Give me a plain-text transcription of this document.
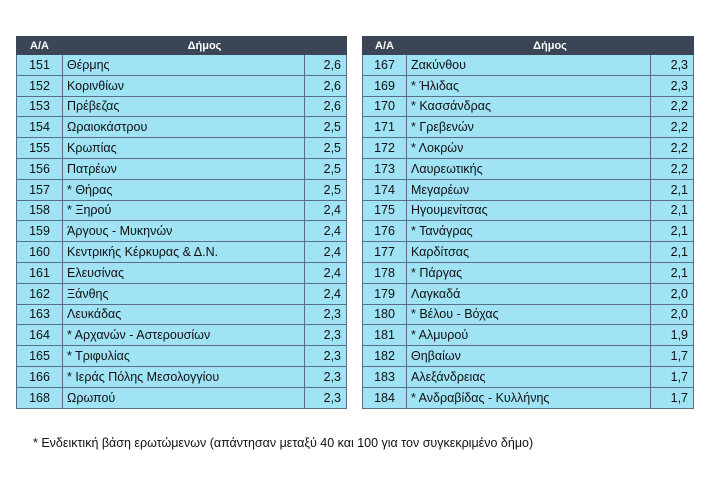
Α/Α	Δήμος	
151	Θέρμης	2,6
152	Κορινθίων	2,6
153	Πρέβεζας	2,6
154	Ωραιοκάστρου	2,5
155	Κρωπίας	2,5
156	Πατρέων	2,5
157	* Θήρας	2,5
158	* Ξηρού	2,4
159	Άργους - Μυκηνών	2,4
160	Κεντρικής Κέρκυρας & Δ.Ν.	2,4
161	Ελευσίνας	2,4
162	Ξάνθης	2,4
163	Λευκάδας	2,3
164	* Αρχανών - Αστερουσίων	2,3
165	* Τριφυλίας	2,3
166	* Ιεράς Πόλης Μεσολογγίου	2,3
168	Ωρωπού	2,3
Α/Α	Δήμος	
167	Ζακύνθου	2,3
169	* Ήλιδας	2,3
170	* Κασσάνδρας	2,2
171	* Γρεβενών	2,2
172	* Λοκρών	2,2
173	Λαυρεωτικής	2,2
174	Μεγαρέων	2,1
175	Ηγουμενίτσας	2,1
176	* Τανάγρας	2,1
177	Καρδίτσας	2,1
178	* Πάργας	2,1
179	Λαγκαδά	2,0
180	* Βέλου - Βόχας	2,0
181	* Αλμυρού	1,9
182	Θηβαίων	1,7
183	Αλεξάνδρειας	1,7
184	* Ανδραβίδας - Κυλλήνης	1,7
* Ενδεικτική βάση ερωτώμενων (απάντησαν μεταξύ 40 και 100 για τον συγκεκριμένο δήμο)
